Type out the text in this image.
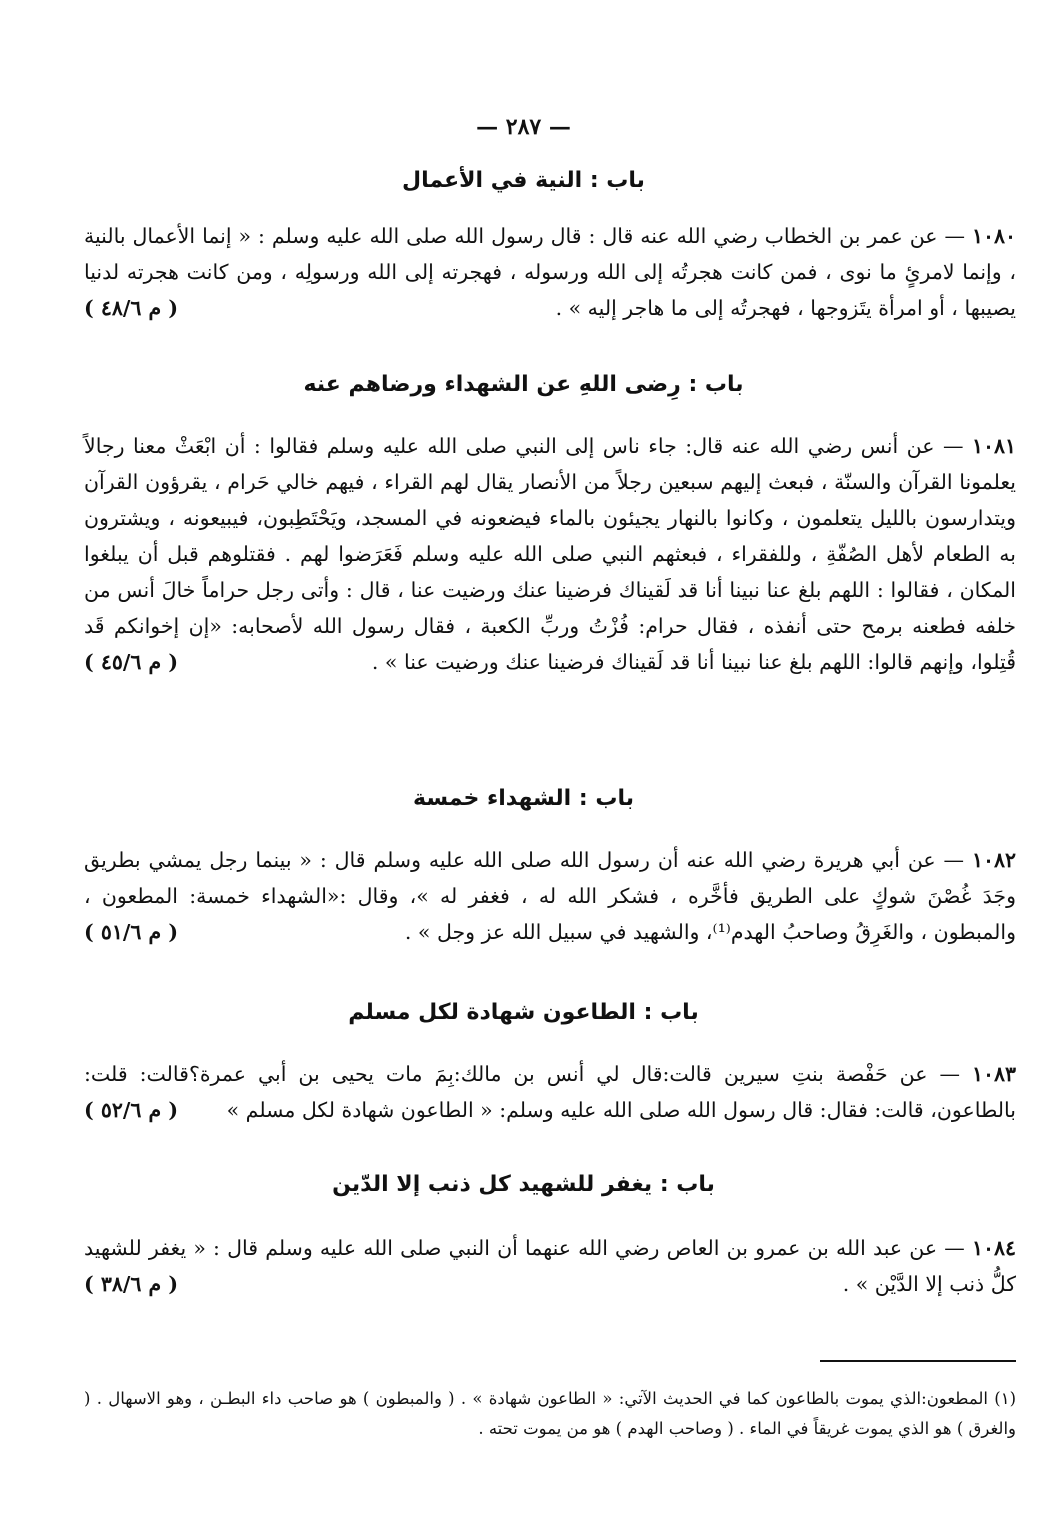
— ٢٨٧ —
باب : النية في الأعمال
١٠٨٠ — عن عمر بن الخطاب رضي الله عنه قال : قال رسول الله صلى الله عليه وسلم : « إنما الأعمال بالنية ، وإنما لامرئٍ ما نوى ، فمن كانت هجرتُه إلى الله ورسوله ، فهجرته إلى الله ورسولِه ، ومن كانت هجرته لدنيا يصيبها ، أو امرأة يتَزوجها ، فهجرتُه إلى ما هاجر إليه » .
( م ٤٨/٦ )
باب : رِضى اللهِ عن الشهداء ورضاهم عنه
١٠٨١ — عن أنس رضي الله عنه قال: جاء ناس إلى النبي صلى الله عليه وسلم فقالوا : أن ابْعَثْ معنا رجالاً يعلمونا القرآن والسنّة ، فبعث إليهم سبعين رجلاً من الأنصار يقال لهم القراء ، فيهم خالي حَرام ، يقرؤون القرآن ويتدارسون بالليل يتعلمون ، وكانوا بالنهار يجيئون بالماء فيضعونه في المسجد، ويَحْتَطِبون، فيبيعونه ، ويشترون به الطعام لأهل الصُفّةِ ، وللفقراء ، فبعثهم النبي صلى الله عليه وسلم فَعَرَضوا لهم . فقتلوهم قبل أن يبلغوا المكان ، فقالوا : اللهم بلغ عنا نبينا أنا قد لَقيناك فرضينا عنك ورضيت عنا ، قال : وأتى رجل حراماً خالَ أنس من خلفه فطعنه برمح حتى أنفذه ، فقال حرام: فُزْتُ وربِّ الكعبة ، فقال رسول الله لأصحابه: «إن إخوانكم قَد قُتِلوا، وإنهم قالوا: اللهم بلغ عنا نبينا أنا قد لَقيناك فرضينا عنك ورضيت عنا » .
( م ٤٥/٦ )
باب : الشهداء خمسة
١٠٨٢ — عن أبي هريرة رضي الله عنه أن رسول الله صلى الله عليه وسلم قال : « بينما رجل يمشي بطريق وجَدَ غُصْنَ شوكٍ على الطريق فأخَّره ، فشكر الله له ، فغفر له »، وقال :«الشهداء خمسة: المطعون ، والمبطون ، والغَرِقُ وصاحبُ الهدم⁽¹⁾، والشهيد في سبيل الله عز وجل » .
( م ٥١/٦ )
باب : الطاعون شهادة لكل مسلم
١٠٨٣ — عن حَفْصة بنتِ سيرين قالت:قال لي أنس بن مالك:بِمَ مات يحيى بن أبي عمرة؟قالت: قلت: بالطاعون، قالت: فقال: قال رسول الله صلى الله عليه وسلم: « الطاعون شهادة لكل مسلم »
( م ٥٢/٦ )
باب : يغفر للشهيد كل ذنب إلا الدّين
١٠٨٤ — عن عبد الله بن عمرو بن العاص رضي الله عنهما أن النبي صلى الله عليه وسلم قال : « يغفر للشهيد كلُّ ذنب إلا الدَّيْن » .
( م ٣٨/٦ )
(١) المطعون:الذي يموت بالطاعون كما في الحديث الآتي: « الطاعون شهادة » . ( والمبطون ) هو صاحب داء البطـن ، وهو الاسهال . ( والغرق ) هو الذي يموت غريقاً في الماء . ( وصاحب الهدم ) هو من يموت تحته .
